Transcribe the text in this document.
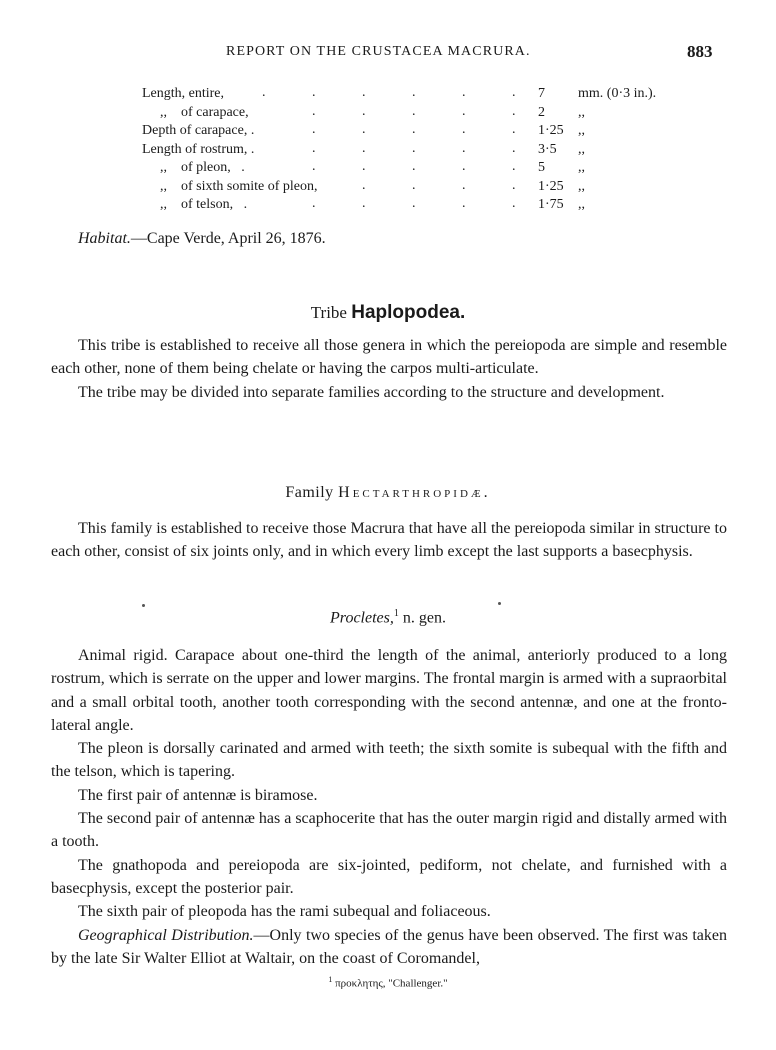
REPORT ON THE CRUSTACEA MACRURA.	883
Length, entire,	.	.	.	.	.	. 7 mm. (0·3 in.).
,,    of carapace,	.	.	.	.	. 2 ,,
Depth of carapace, .	.	.	.	.	. 1·25 ,,
Length of rostrum, .	.	.	.	.	. 3·5 ,,
,,    of pleon,   .	.	.	.	.	. 5 ,,
,,    of sixth somite of pleon,	.	.	.	. 1·25 ,,
,,    of telson,   .	.	.	.	.	. 1·75 ,,
Habitat.—Cape Verde, April 26, 1876.
Tribe Haplopodea.

This tribe is established to receive all those genera in which the pereiopoda are simple and resemble each other, none of them being chelate or having the carpos multi-articulate.

The tribe may be divided into separate families according to the structure and development.

Family Hectarthropidæ.

This family is established to receive those Macrura that have all the pereiopoda similar in structure to each other, consist of six joints only, and in which every limb except the last supports a basecphysis.

Procletes,$^1$ n. gen.

Animal rigid. Carapace about one-third the length of the animal, anteriorly produced to a long rostrum, which is serrate on the upper and lower margins. The frontal margin is armed with a supraorbital and a small orbital tooth, another tooth corresponding with the second antennæ, and one at the fronto-lateral angle.

The pleon is dorsally carinated and armed with teeth; the sixth somite is subequal with the fifth and the telson, which is tapering.

The first pair of antennæ is biramose.

The second pair of antennæ has a scaphocerite that has the outer margin rigid and distally armed with a tooth.

The gnathopoda and pereiopoda are six-jointed, pediform, not chelate, and furnished with a basecphysis, except the posterior pair.

The sixth pair of pleopoda has the rami subequal and foliaceous.

Geographical Distribution.—Only two species of the genus have been observed. The first was taken by the late Sir Walter Elliot at Waltair, on the coast of Coromandel,

$^1$ προκλητης, "Challenger."
